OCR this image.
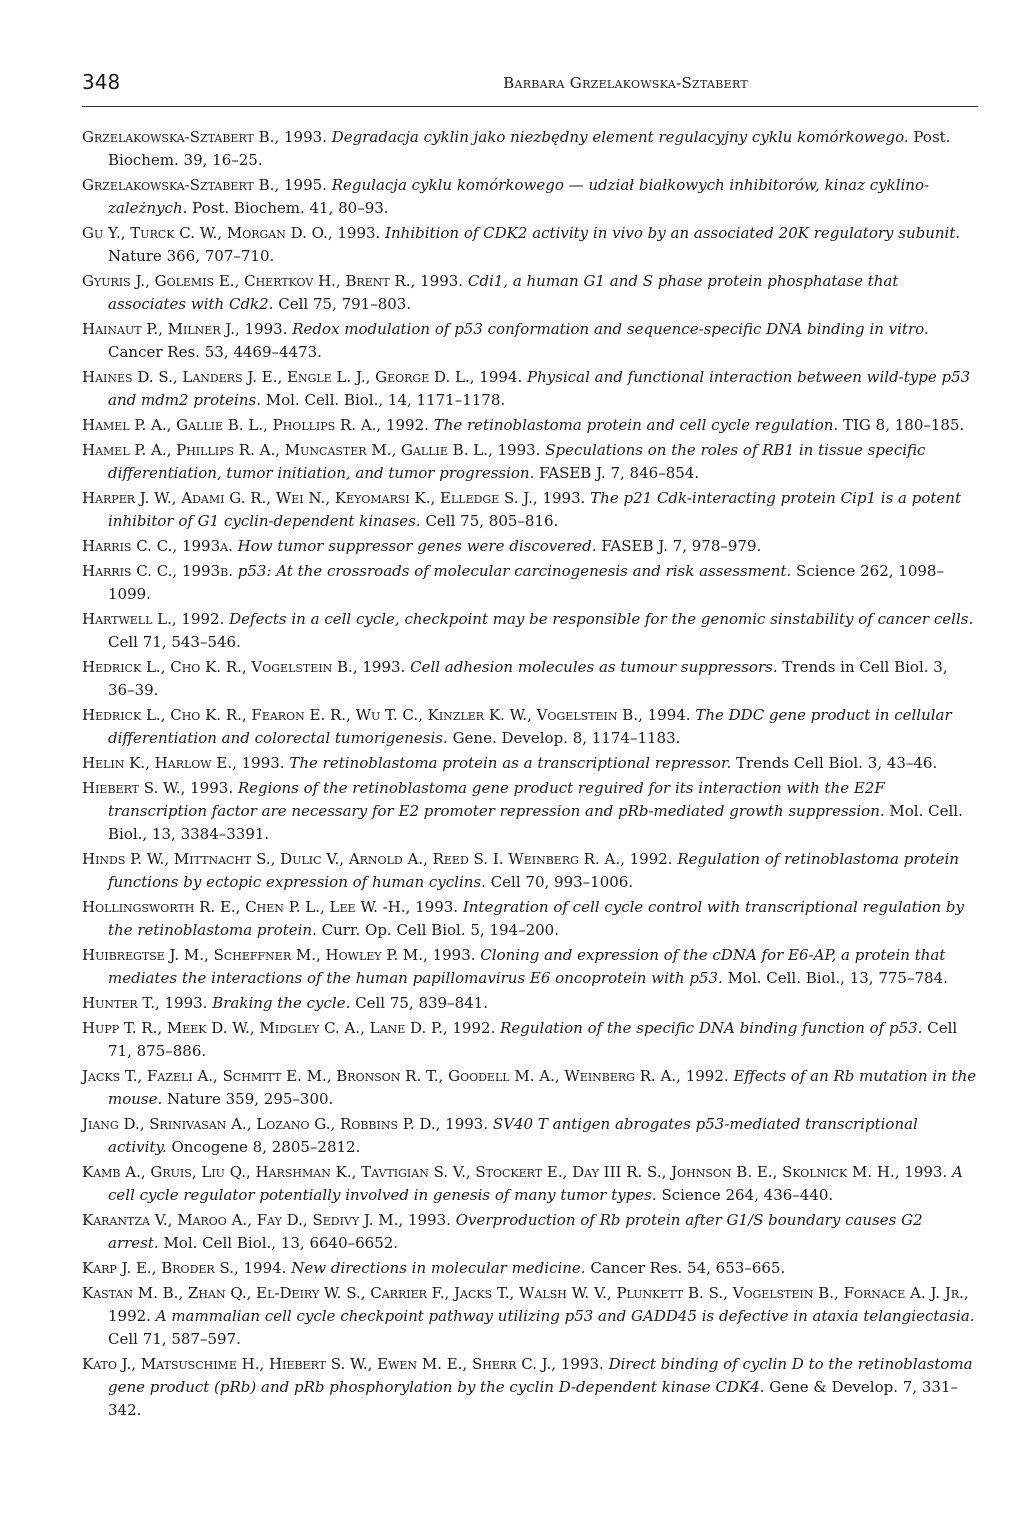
348	Barbara Grzelakowska-Sztabert

Grzelakowska-Sztabert B., 1993. Degradacja cyklin jako niezbędny element regulacyjny cyklu komórkowego. Post. Biochem. 39, 16–25.

Grzelakowska-Sztabert B., 1995. Regulacja cyklu komórkowego — udział białkowych inhibitorów, kinaz cyklino-zależnych. Post. Biochem. 41, 80–93.

Gu Y., Turck C. W., Morgan D. O., 1993. Inhibition of CDK2 activity in vivo by an associated 20K regulatory subunit. Nature 366, 707–710.

Gyuris J., Golemis E., Chertkov H., Brent R., 1993. Cdi1, a human G1 and S phase protein phosphatase that associates with Cdk2. Cell 75, 791–803.

Hainaut P., Milner J., 1993. Redox modulation of p53 conformation and sequence-specific DNA binding in vitro. Cancer Res. 53, 4469–4473.

Haines D. S., Landers J. E., Engle L. J., George D. L., 1994. Physical and functional interaction between wild-type p53 and mdm2 proteins. Mol. Cell. Biol., 14, 1171–1178.

Hamel P. A., Gallie B. L., Phollips R. A., 1992. The retinoblastoma protein and cell cycle regulation. TIG 8, 180–185.

Hamel P. A., Phillips R. A., Muncaster M., Gallie B. L., 1993. Speculations on the roles of RB1 in tissue specific differentiation, tumor initiation, and tumor progression. FASEB J. 7, 846–854.

Harper J. W., Adami G. R., Wei N., Keyomarsi K., Elledge S. J., 1993. The p21 Cdk-interacting protein Cip1 is a potent inhibitor of G1 cyclin-dependent kinases. Cell 75, 805–816.

Harris C. C., 1993a. How tumor suppressor genes were discovered. FASEB J. 7, 978–979.

Harris C. C., 1993b. p53: At the crossroads of molecular carcinogenesis and risk assessment. Science 262, 1098–1099.

Hartwell L., 1992. Defects in a cell cycle, checkpoint may be responsible for the genomic sinstability of cancer cells. Cell 71, 543–546.

Hedrick L., Cho K. R., Vogelstein B., 1993. Cell adhesion molecules as tumour suppressors. Trends in Cell Biol. 3, 36–39.

Hedrick L., Cho K. R., Fearon E. R., Wu T. C., Kinzler K. W., Vogelstein B., 1994. The DDC gene product in cellular differentiation and colorectal tumorigenesis. Gene. Develop. 8, 1174–1183.

Helin K., Harlow E., 1993. The retinoblastoma protein as a transcriptional repressor. Trends Cell Biol. 3, 43–46.

Hiebert S. W., 1993. Regions of the retinoblastoma gene product reguired for its interaction with the E2F transcription factor are necessary for E2 promoter repression and pRb-mediated growth suppression. Mol. Cell. Biol., 13, 3384–3391.

Hinds P. W., Mittnacht S., Dulic V., Arnold A., Reed S. I. Weinberg R. A., 1992. Regulation of retinoblastoma protein functions by ectopic expression of human cyclins. Cell 70, 993–1006.

Hollingsworth R. E., Chen P. L., Lee W. -H., 1993. Integration of cell cycle control with transcriptional regulation by the retinoblastoma protein. Curr. Op. Cell Biol. 5, 194–200.

Huibregtse J. M., Scheffner M., Howley P. M., 1993. Cloning and expression of the cDNA for E6-AP, a protein that mediates the interactions of the human papillomavirus E6 oncoprotein with p53. Mol. Cell. Biol., 13, 775–784.

Hunter T., 1993. Braking the cycle. Cell 75, 839–841.

Hupp T. R., Meek D. W., Midgley C. A., Lane D. P., 1992. Regulation of the specific DNA binding function of p53. Cell 71, 875–886.

Jacks T., Fazeli A., Schmitt E. M., Bronson R. T., Goodell M. A., Weinberg R. A., 1992. Effects of an Rb mutation in the mouse. Nature 359, 295–300.

Jiang D., Srinivasan A., Lozano G., Robbins P. D., 1993. SV40 T antigen abrogates p53-mediated transcriptional activity. Oncogene 8, 2805–2812.

Kamb A., Gruis, Liu Q., Harshman K., Tavtigian S. V., Stockert E., Day III R. S., Johnson B. E., Skolnick M. H., 1993. A cell cycle regulator potentially involved in genesis of many tumor types. Science 264, 436–440.

Karantza V., Maroo A., Fay D., Sedivy J. M., 1993. Overproduction of Rb protein after G1/S boundary causes G2 arrest. Mol. Cell Biol., 13, 6640–6652.

Karp J. E., Broder S., 1994. New directions in molecular medicine. Cancer Res. 54, 653–665.

Kastan M. B., Zhan Q., El-Deiry W. S., Carrier F., Jacks T., Walsh W. V., Plunkett B. S., Vogelstein B., Fornace A. J. Jr., 1992. A mammalian cell cycle checkpoint pathway utilizing p53 and GADD45 is defective in ataxia telangiectasia. Cell 71, 587–597.

Kato J., Matsuschime H., Hiebert S. W., Ewen M. E., Sherr C. J., 1993. Direct binding of cyclin D to the retinoblastoma gene product (pRb) and pRb phosphorylation by the cyclin D-dependent kinase CDK4. Gene & Develop. 7, 331–342.
